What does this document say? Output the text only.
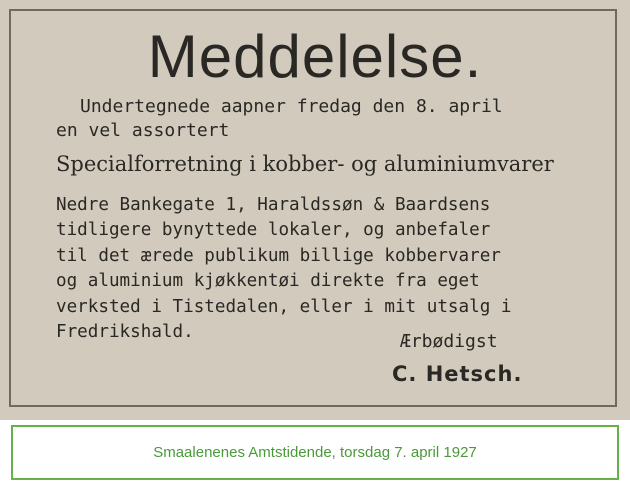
Meddelelse.

Undertegnede aapner fredag den 8. april

en vel assortert

Specialforretning i kobber- og aluminiumvarer

Nedre Bankegate 1, Haraldssøn & Baardsens
tidligere bynyttede lokaler, og anbefaler
til det ærede publikum billige kobbervarer
og aluminium kjøkkentøi direkte fra eget
verksted i Tistedalen, eller i mit utsalg i
Fredrikshald.	Ærbødigst

C. Hetsch.

Smaalenenes Amtstidende, torsdag 7. april 1927
